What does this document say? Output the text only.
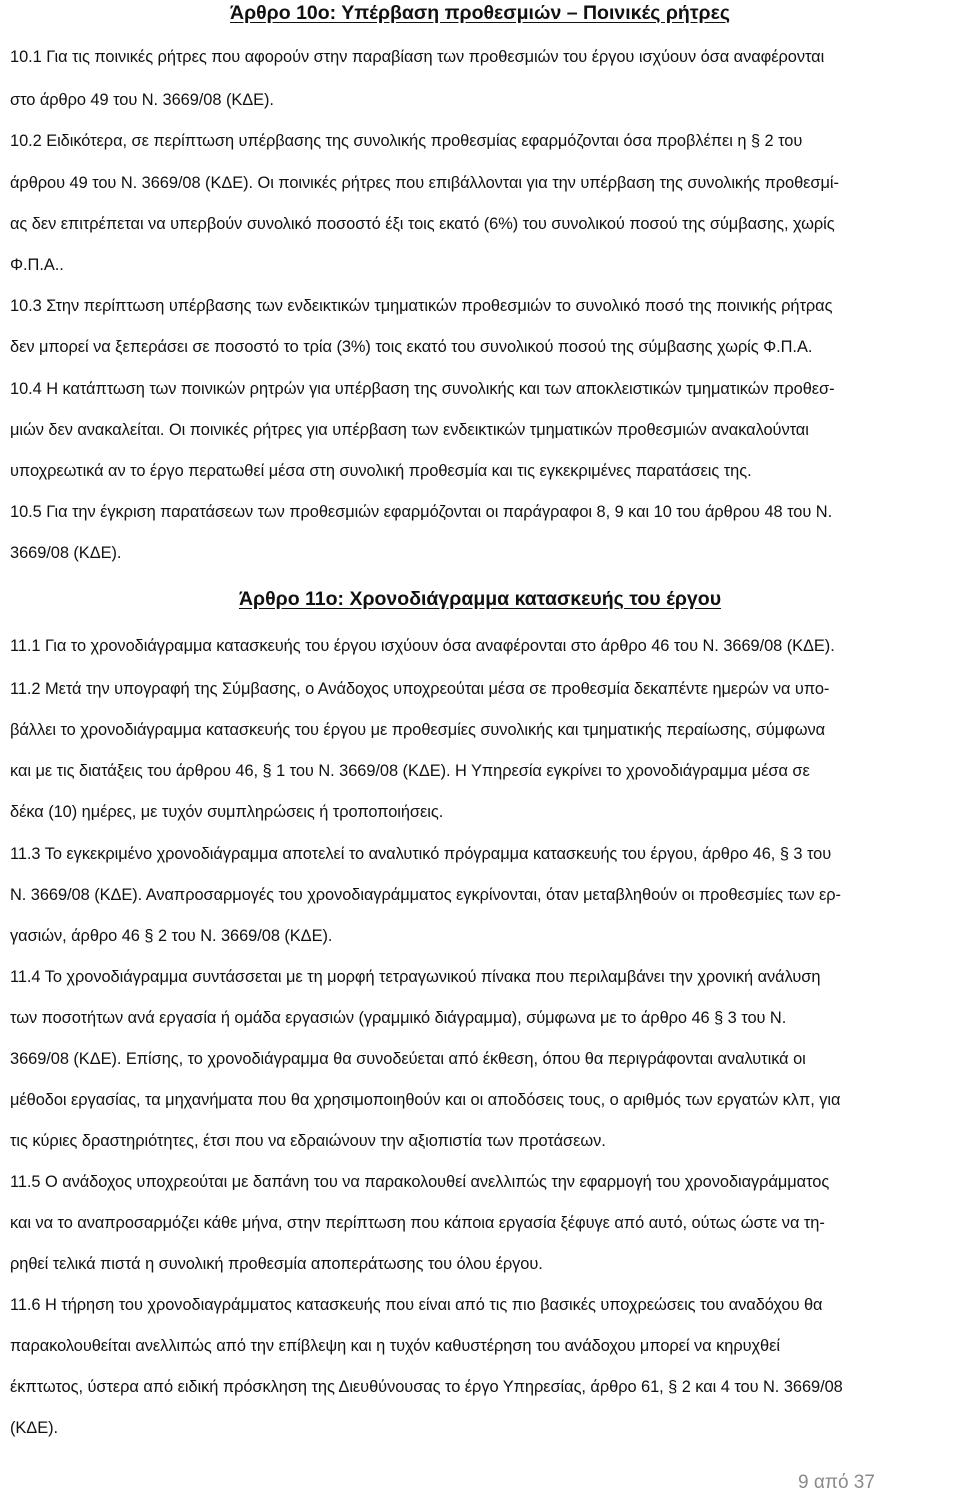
Άρθρο 10ο: Υπέρβαση προθεσμιών – Ποινικές ρήτρες
10.1 Για τις ποινικές ρήτρες που αφορούν στην παραβίαση των προθεσμιών του έργου ισχύουν όσα αναφέρονται
στο άρθρο 49 του Ν. 3669/08 (ΚΔΕ).
10.2 Ειδικότερα, σε περίπτωση υπέρβασης της συνολικής προθεσμίας εφαρμόζονται όσα προβλέπει η § 2 του
άρθρου 49 του Ν. 3669/08 (ΚΔΕ). Οι ποινικές ρήτρες που επιβάλλονται για την υπέρβαση της συνολικής προθεσμί-
ας δεν επιτρέπεται να υπερβούν συνολικό ποσοστό έξι τοις εκατό (6%) του συνολικού ποσού της σύμβασης, χωρίς
Φ.Π.Α..
10.3 Στην περίπτωση υπέρβασης των ενδεικτικών τμηματικών προθεσμιών το συνολικό ποσό της ποινικής ρήτρας
δεν μπορεί να ξεπεράσει σε ποσοστό το τρία (3%) τοις εκατό του συνολικού ποσού της σύμβασης χωρίς Φ.Π.Α.
10.4 Η κατάπτωση των ποινικών ρητρών για υπέρβαση της συνολικής και των αποκλειστικών τμηματικών προθεσ-
μιών δεν ανακαλείται. Οι ποινικές ρήτρες για υπέρβαση των ενδεικτικών τμηματικών προθεσμιών ανακαλούνται
υποχρεωτικά αν το έργο περατωθεί μέσα στη συνολική προθεσμία και τις εγκεκριμένες παρατάσεις της.
10.5 Για την έγκριση παρατάσεων των προθεσμιών εφαρμόζονται οι παράγραφοι 8, 9 και 10 του άρθρου 48 του Ν.
3669/08 (ΚΔΕ).
Άρθρο 11ο: Χρονοδιάγραμμα κατασκευής του έργου
11.1 Για το χρονοδιάγραμμα κατασκευής του έργου ισχύουν όσα αναφέρονται στο άρθρο 46 του Ν. 3669/08 (ΚΔΕ).
11.2 Μετά την υπογραφή της Σύμβασης, ο Ανάδοχος υποχρεούται μέσα σε προθεσμία δεκαπέντε ημερών να υπο-
βάλλει το χρονοδιάγραμμα κατασκευής του έργου με προθεσμίες συνολικής και τμηματικής περαίωσης, σύμφωνα
και με τις διατάξεις του άρθρου 46, § 1 του Ν. 3669/08 (ΚΔΕ). Η Υπηρεσία εγκρίνει το χρονοδιάγραμμα μέσα σε
δέκα (10) ημέρες, με τυχόν συμπληρώσεις ή τροποποιήσεις.
11.3 Το εγκεκριμένο χρονοδιάγραμμα αποτελεί το αναλυτικό πρόγραμμα κατασκευής του έργου, άρθρο 46, § 3 του
Ν. 3669/08 (ΚΔΕ). Αναπροσαρμογές του χρονοδιαγράμματος εγκρίνονται, όταν μεταβληθούν οι προθεσμίες των ερ-
γασιών, άρθρο 46 § 2 του Ν. 3669/08 (ΚΔΕ).
11.4 Το χρονοδιάγραμμα συντάσσεται με τη μορφή τετραγωνικού πίνακα που περιλαμβάνει την χρονική ανάλυση
των ποσοτήτων ανά εργασία ή ομάδα εργασιών (γραμμικό διάγραμμα), σύμφωνα με το άρθρο 46 § 3 του Ν.
3669/08 (ΚΔΕ). Επίσης, το χρονοδιάγραμμα θα συνοδεύεται από έκθεση, όπου θα περιγράφονται αναλυτικά οι
μέθοδοι εργασίας, τα μηχανήματα που θα χρησιμοποιηθούν και οι αποδόσεις τους, ο αριθμός των εργατών κλπ, για
τις κύριες δραστηριότητες, έτσι που να εδραιώνουν την αξιοπιστία των προτάσεων.
11.5 Ο ανάδοχος υποχρεούται με δαπάνη του να παρακολουθεί ανελλιπώς την εφαρμογή του χρονοδιαγράμματος
και να το αναπροσαρμόζει κάθε μήνα, στην περίπτωση που κάποια εργασία ξέφυγε από αυτό, ούτως ώστε να τη-
ρηθεί τελικά πιστά η συνολική προθεσμία αποπεράτωσης του όλου έργου.
11.6 Η τήρηση του χρονοδιαγράμματος κατασκευής που είναι από τις πιο βασικές υποχρεώσεις του αναδόχου θα
παρακολουθείται ανελλιπώς από την επίβλεψη και η τυχόν καθυστέρηση του ανάδοχου μπορεί να κηρυχθεί
έκπτωτος, ύστερα από ειδική πρόσκληση της Διευθύνουσας το έργο Υπηρεσίας, άρθρο 61, § 2 και 4 του Ν. 3669/08
(ΚΔΕ).
9 από 37
